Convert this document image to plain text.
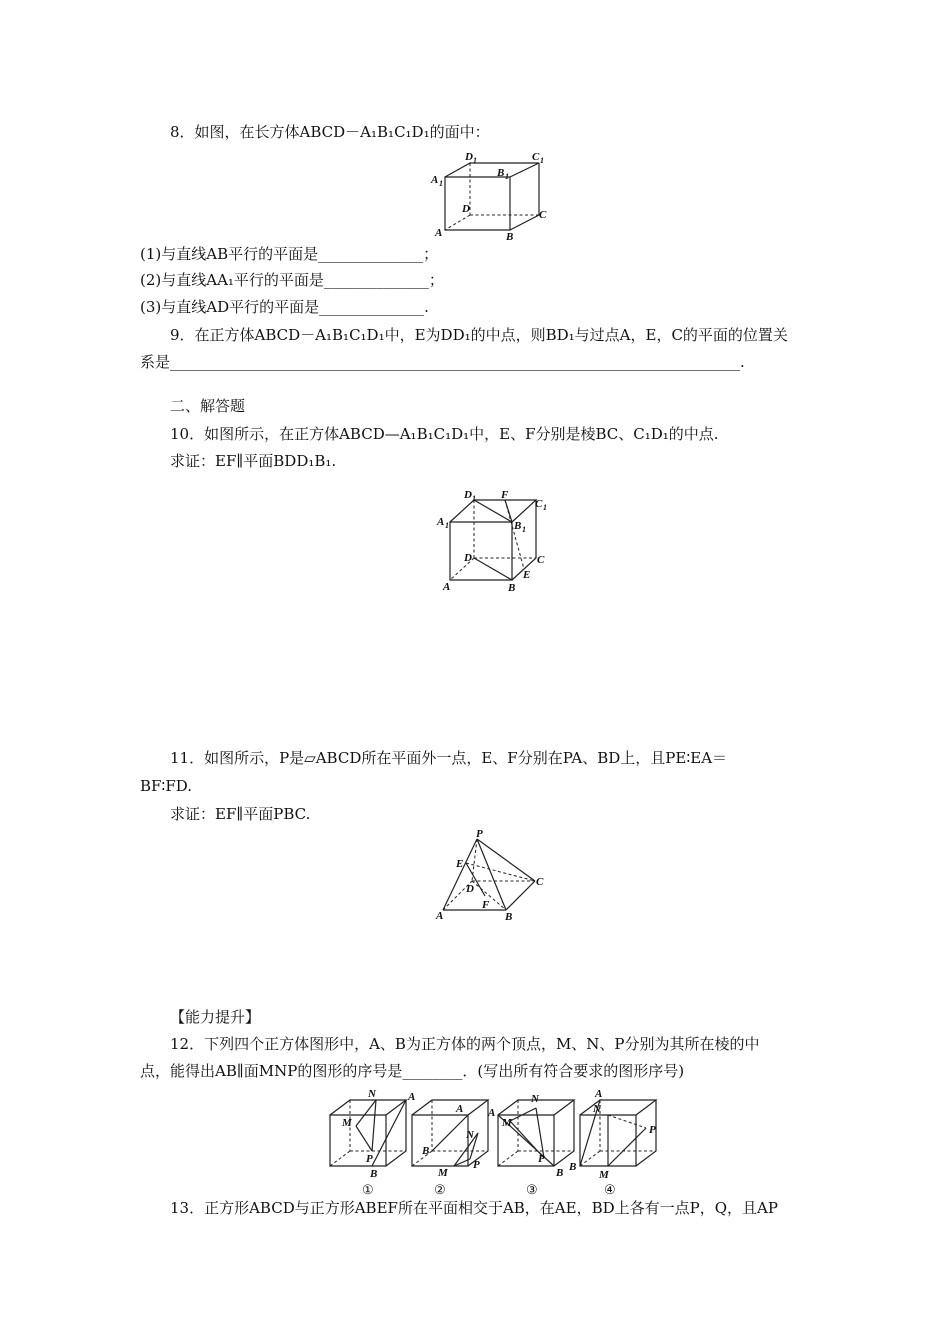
8．如图，在长方体ABCD－A₁B₁C₁D₁的面中：
D 1	C 1
A 1
B 1
D	C
A	B
(1)与直线AB平行的平面是______________；
(2)与直线AA₁平行的平面是______________；
(3)与直线AD平行的平面是______________.
9．在正方体ABCD－A₁B₁C₁D₁中，E为DD₁的中点，则BD₁与过点A，E，C的平面的位置关
系是____________________________________________________________________________.
二、解答题
10．如图所示，在正方体ABCD—A₁B₁C₁D₁中，E、F分别是棱BC、C₁D₁的中点.
求证：EF∥平面BDD₁B₁.
D 1 F
C 1
A 1	B 1
D	C
E
A	B
11．如图所示，P是▱ABCD所在平面外一点，E、F分别在PA、BD上，且PE∶EA＝
BF∶FD.
求证：EF∥平面PBC.
P
E
D
C
F
A	B
【能力提升】
12．下列四个正方体图形中，A、B为正方体的两个顶点，M、N、P分别为其所在棱的中
点，能得出AB∥面MNP的图形的序号是________．(写出所有符合要求的图形序号)
N	A
M
P
B
①
A
N
B
P
M
②
A
N
M
P
B
③
A
N
P
B
M
④
13．正方形ABCD与正方形ABEF所在平面相交于AB，在AE，BD上各有一点P，Q，且AP
